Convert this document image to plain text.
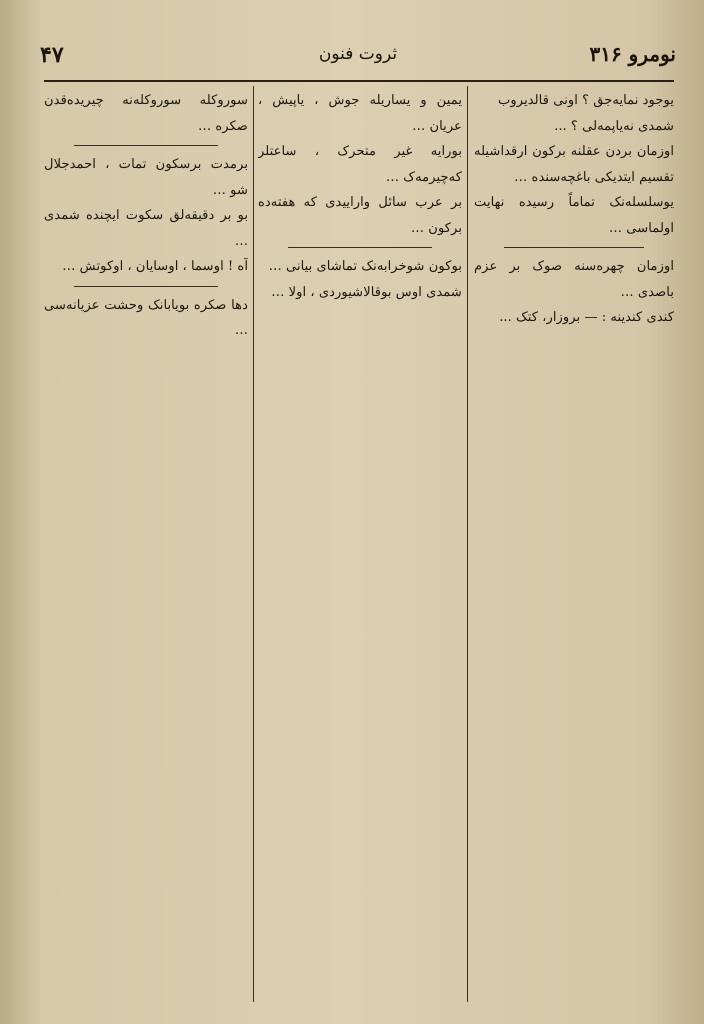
نومرو ۳۱۶
ثروت فنون
۴۷

یوجود نمایه‌جق ؟ اونی قالدیروب

شمدی نه‌یاپمه‌لی ؟ ...

اوزمان بردن عقلنه برکون ارقداشیله تقسیم ایتدیکی باغچه‌سنده …

یوسلسله‌نک تماماً رسیده نهایت اولماسی …

اوزمان چهره‌سنه صوک بر عزم باصدی …

کندی کندینه : — بروزار، کتک ...

یمین و یساریله جوش ، یاپیش ، عریان …

بورایه غیر متحرک ، ساعتلر که‌چیرمه‌ک …

بر عرب سائل واراییدی که هفته‌ده برکون …

بوکون شوخرابه‌نک تماشای بیانی …

شمدی اوس بوقالاشیوردی ، اولا …

سوروکله سوروکله‌نه چیریده‌قدن صکره …

برمدت برسکون تمات ، احمدجلال شو …

بو بر دقیقه‌لق سکوت ایچنده شمدی …

آه ! اوسما ، اوسایان ، اوکوتش …

دها صکره بویابانک وحشت عزیانه‌سی …
